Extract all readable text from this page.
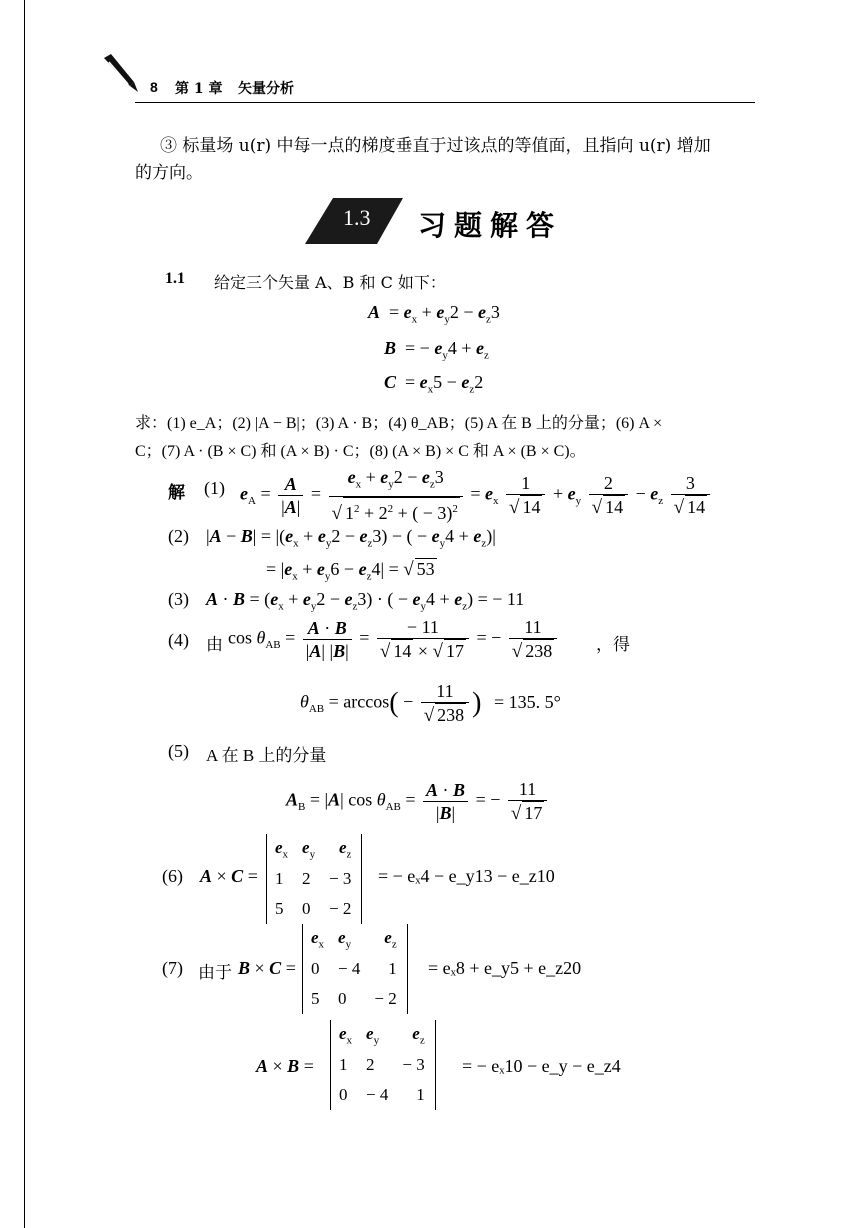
8 第 1 章 矢量分析
③ 标量场 u(r) 中每一点的梯度垂直于过该点的等值面，且指向 u(r) 增加
的方向。
1.3 习题解答
1.1 给定三个矢量 A、B 和 C 如下：
$A = e_x + e_y2 - e_z3$
B  = − $e_y4 + e_z$
$C = e_x5 - e_z2$
求：(1) e_A；(2) |A − B|；(3) A · B；(4) θ_AB；(5) A 在 B 上的分量；(6) A ×
C；(7) A · (B × C) 和 (A × B) · C；(8) (A × B) × C 和 A × (B × C)。
解 (1) $e_A = \frac{A}{|A|} = \frac{e_x + e_y2 - e_z3}{√ 1^2 + 2^2 + ( - 3)^2} = e_x \frac{1}{√ 14} + e_y \frac{2}{√ 14} - e_z \frac{3}{√ 14}$
(2) $|A - B| = |(e_x + e_y2 - e_z3)$ − ( − $e_y4 + e_z)|$
= $|e_x + e_y6 - e_z4|$ = √ 53
(3) $A \cdot B = (e_x + e_y2 - e_z3)$ · ( − $e_y4 + e_z$) = − 11
(4) 由 $\cos \theta_{AB} = \frac{A \cdot B}{|A| |B|} = \frac{- 11}{√ 14 \times √ 17}$ = − $\frac{11}{√ 238}$ ，得
$\theta_{AB} = \arccos( - \frac{11}{√ 238}$ ) = 135. 5°
(5) A 在 B 上的分量
$A_B = |A|$ $\cos \theta_{AB} = \frac{A \cdot B}{|B|}$ = − $\frac{11}{√ 17}$
(6) A × C =
$e_x$	$e_y$	$e_z$
1	2	− 3
5	0	− 2
= − eₓ4 − e_y13 − e_z10
(7) 由于 B × C =
$e_x$	$e_y$	$e_z$
0	− 4	1
5	0	− 2
= eₓ8 + e_y5 + e_z20
A × B =
$e_x$	$e_y$	$e_z$
1	2	− 3
0	− 4	1
= − eₓ10 − e_y − e_z4
